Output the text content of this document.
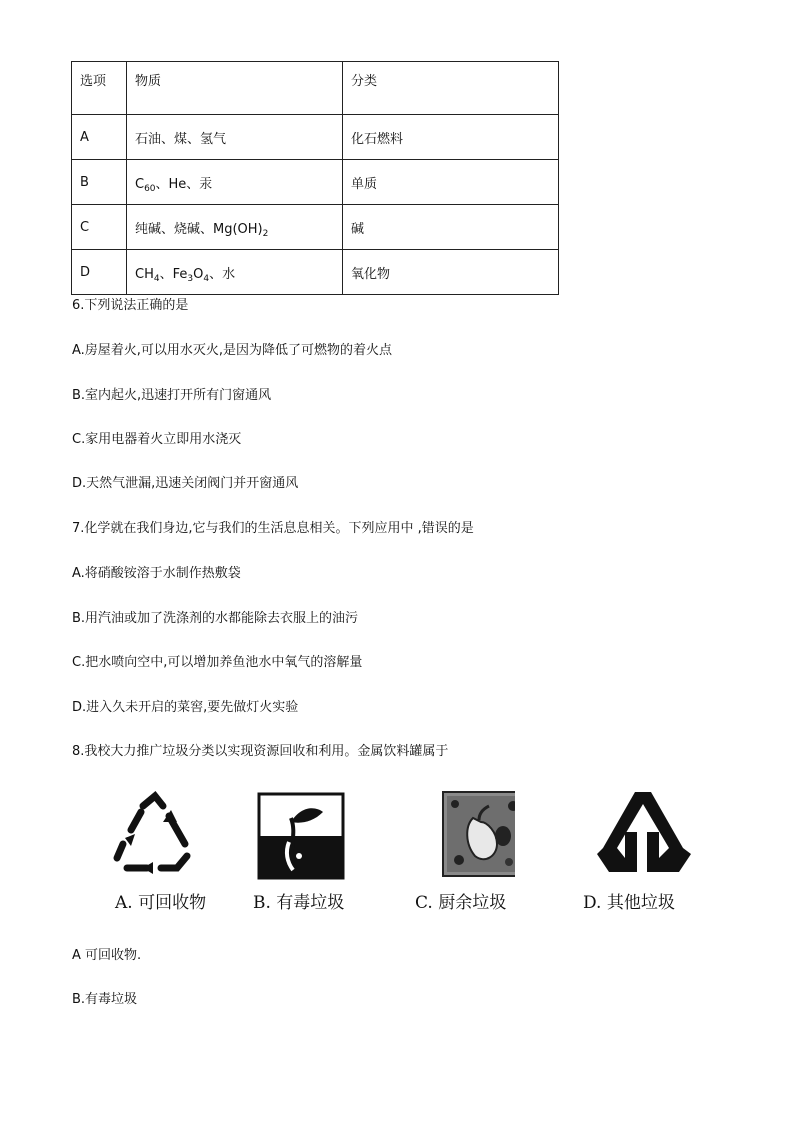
选项	物质	分类
A	石油、煤、氢气	化石燃料
B	$C_{60}$、He、汞	单质
C	纯碱、烧碱、$Mg(OH)_2$	碱
D	$CH_4$、$Fe_3O_4$、水	氧化物
6.下列说法正确的是
A.房屋着火,可以用水灭火,是因为降低了可燃物的着火点
B.室内起火,迅速打开所有门窗通风
C.家用电器着火立即用水浇灭
D.天然气泄漏,迅速关闭阀门并开窗通风
7.化学就在我们身边,它与我们的生活息息相关。下列应用中 ,错误的是
A.将硝酸铵溶于水制作热敷袋
B.用汽油或加了洗涤剂的水都能除去衣服上的油污
C.把水喷向空中,可以增加养鱼池水中氧气的溶解量
D.进入久未开启的菜窖,要先做灯火实验
8.我校大力推广垃圾分类以实现资源回收和利用。金属饮料罐属于
A. 可回收物	B. 有毒垃圾	C. 厨余垃圾	D. 其他垃圾
A 可回收物.
B.有毒垃圾
